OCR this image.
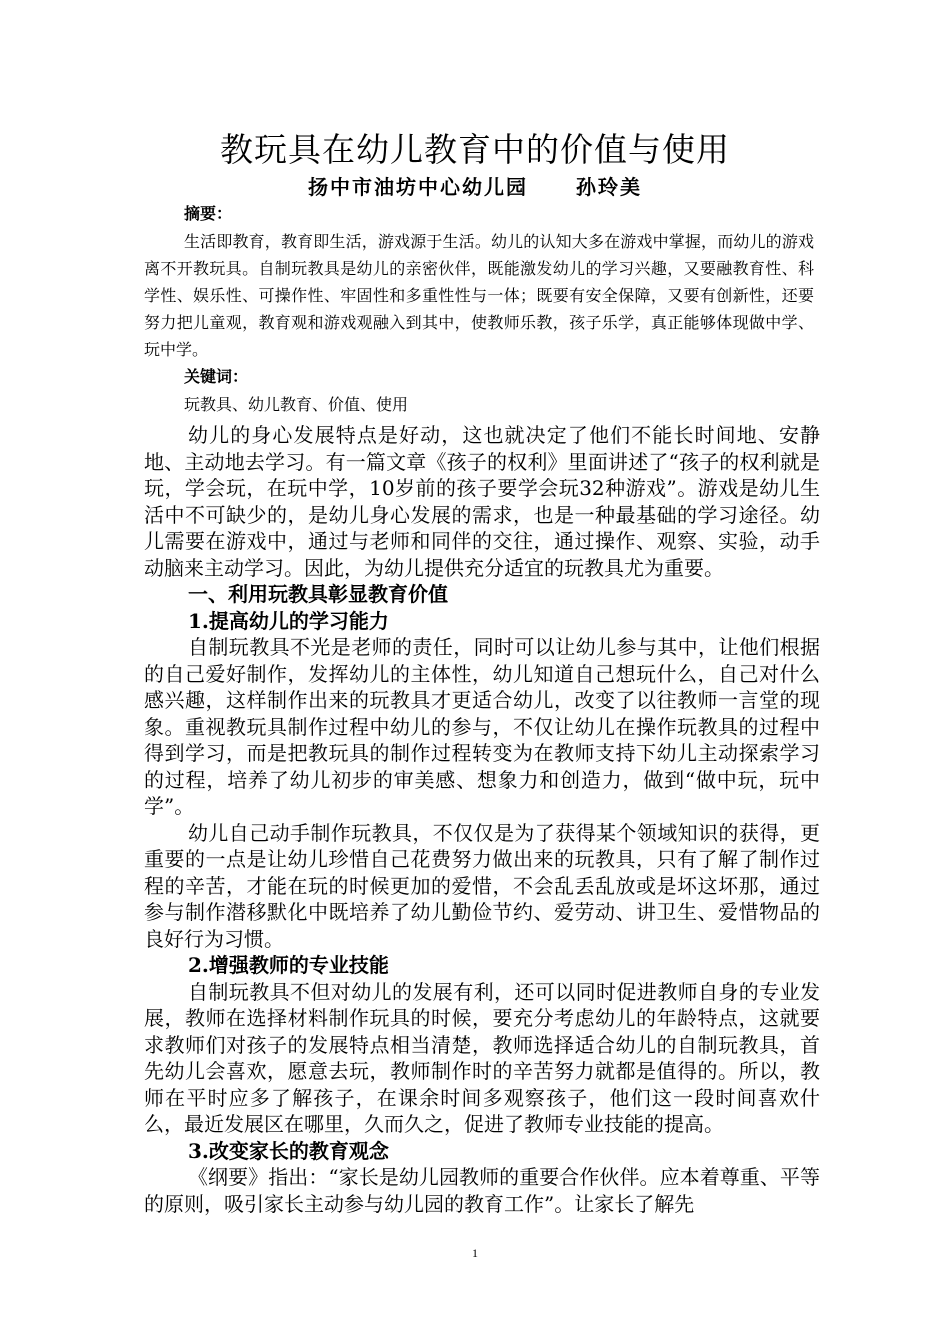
教玩具在幼儿教育中的价值与使用
扬中市油坊中心幼儿园 孙玲美
摘要：
生活即教育，教育即生活，游戏源于生活。幼儿的认知大多在游戏中掌握，而幼儿的游戏离不开教玩具。自制玩教具是幼儿的亲密伙伴，既能激发幼儿的学习兴趣，又要融教育性、科学性、娱乐性、可操作性、牢固性和多重性性与一体；既要有安全保障，又要有创新性，还要努力把儿童观，教育观和游戏观融入到其中，使教师乐教，孩子乐学，真正能够体现做中学、玩中学。
关键词：
玩教具、幼儿教育、价值、使用

幼儿的身心发展特点是好动，这也就决定了他们不能长时间地、安静地、主动地去学习。有一篇文章《孩子的权利》里面讲述了“孩子的权利就是玩，学会玩，在玩中学，10岁前的孩子要学会玩32种游戏”。游戏是幼儿生活中不可缺少的，是幼儿身心发展的需求，也是一种最基础的学习途径。幼儿需要在游戏中，通过与老师和同伴的交往，通过操作、观察、实验，动手动脑来主动学习。因此，为幼儿提供充分适宜的玩教具尤为重要。

一、利用玩教具彰显教育价值

1.提高幼儿的学习能力

自制玩教具不光是老师的责任，同时可以让幼儿参与其中，让他们根据的自己爱好制作，发挥幼儿的主体性，幼儿知道自己想玩什么，自己对什么感兴趣，这样制作出来的玩教具才更适合幼儿，改变了以往教师一言堂的现象。重视教玩具制作过程中幼儿的参与，不仅让幼儿在操作玩教具的过程中得到学习，而是把教玩具的制作过程转变为在教师支持下幼儿主动探索学习的过程，培养了幼儿初步的审美感、想象力和创造力，做到“做中玩，玩中学”。

幼儿自己动手制作玩教具，不仅仅是为了获得某个领域知识的获得，更重要的一点是让幼儿珍惜自己花费努力做出来的玩教具，只有了解了制作过程的辛苦，才能在玩的时候更加的爱惜，不会乱丢乱放或是坏这坏那，通过参与制作潜移默化中既培养了幼儿勤俭节约、爱劳动、讲卫生、爱惜物品的良好行为习惯。

2.增强教师的专业技能

自制玩教具不但对幼儿的发展有利，还可以同时促进教师自身的专业发展，教师在选择材料制作玩具的时候，要充分考虑幼儿的年龄特点，这就要求教师们对孩子的发展特点相当清楚，教师选择适合幼儿的自制玩教具，首先幼儿会喜欢，愿意去玩，教师制作时的辛苦努力就都是值得的。所以，教师在平时应多了解孩子，在课余时间多观察孩子，他们这一段时间喜欢什么，最近发展区在哪里，久而久之，促进了教师专业技能的提高。

3.改变家长的教育观念

《纲要》指出：“家长是幼儿园教师的重要合作伙伴。应本着尊重、平等的原则，吸引家长主动参与幼儿园的教育工作”。让家长了解先

1
